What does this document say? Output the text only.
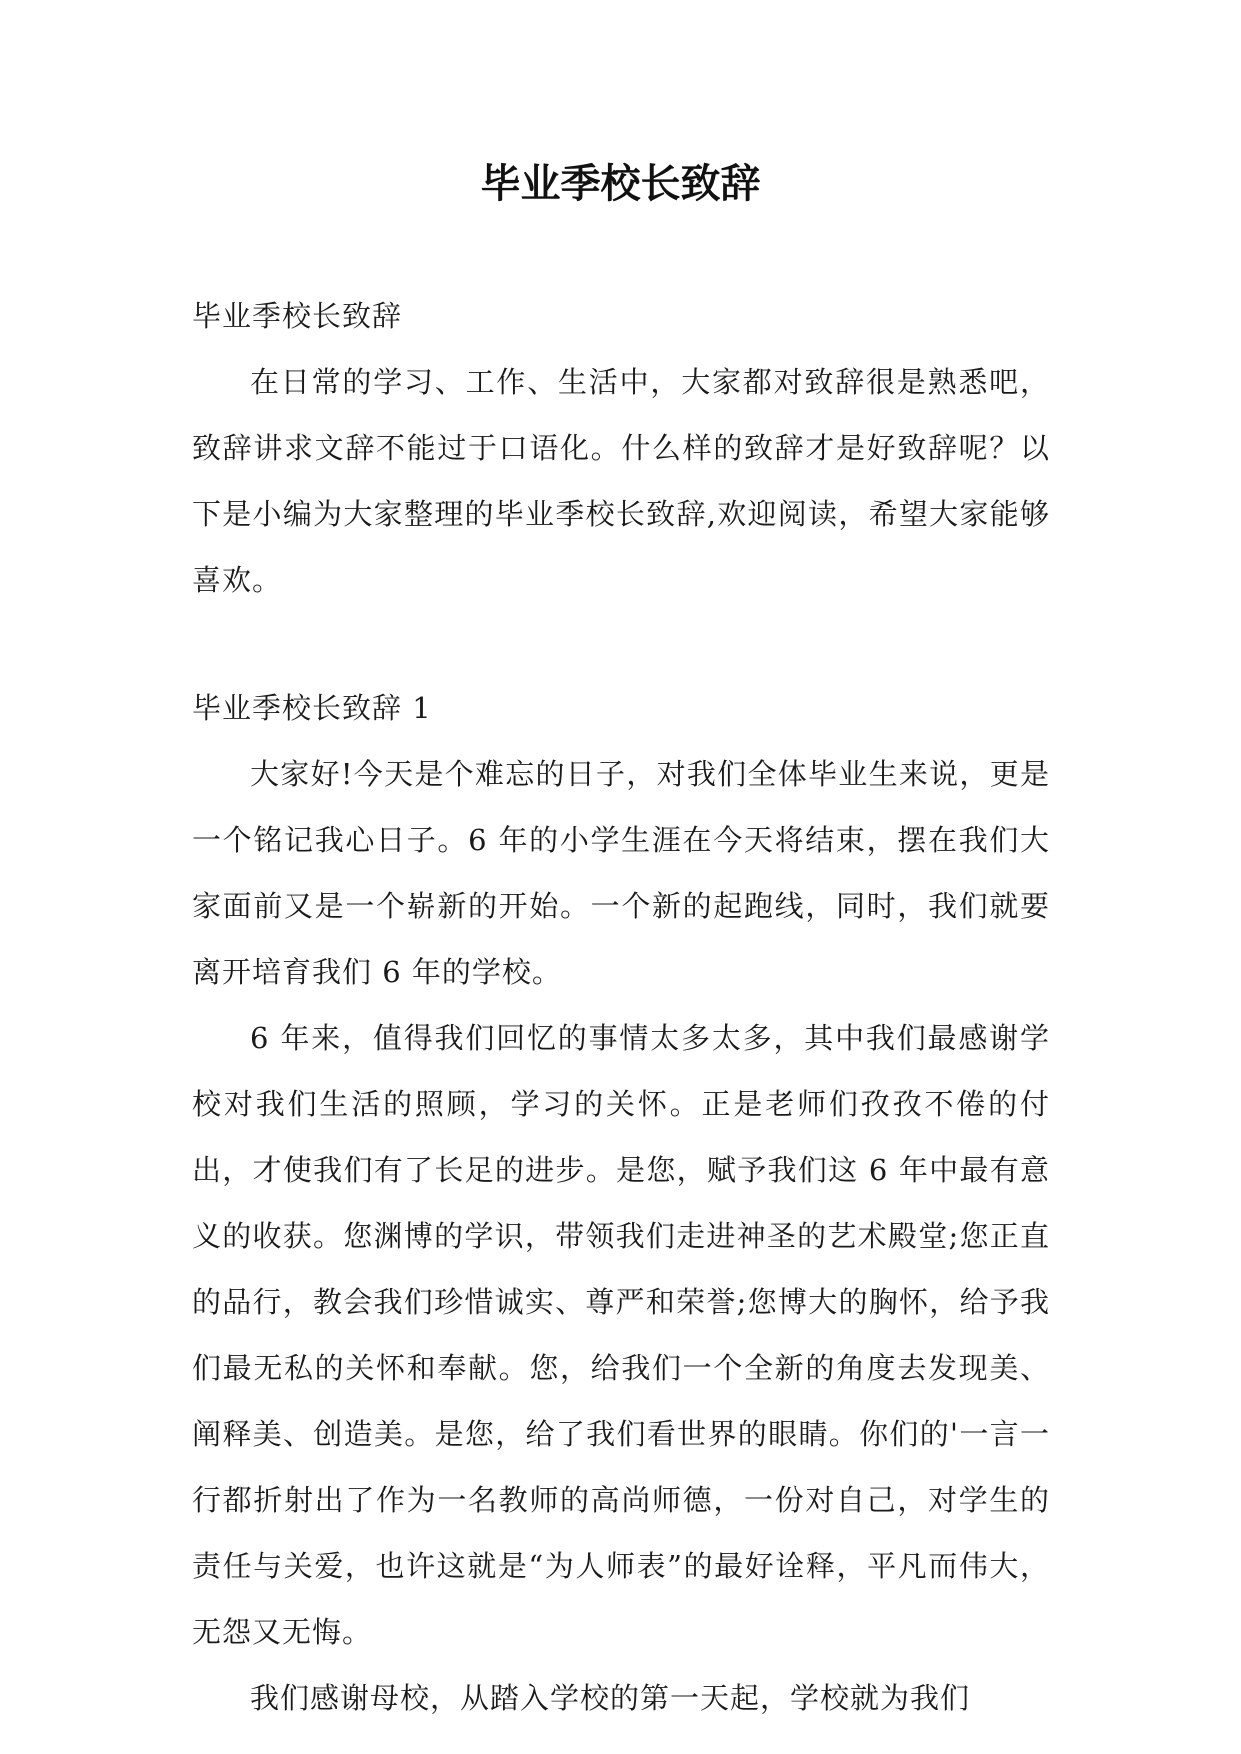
毕业季校长致辞

毕业季校长致辞

在日常的学习、工作、生活中，大家都对致辞很是熟悉吧，致辞讲求文辞不能过于口语化。什么样的致辞才是好致辞呢？以下是小编为大家整理的毕业季校长致辞,欢迎阅读，希望大家能够喜欢。

毕业季校长致辞 1

大家好!今天是个难忘的日子，对我们全体毕业生来说，更是一个铭记我心日子。6 年的小学生涯在今天将结束，摆在我们大家面前又是一个崭新的开始。一个新的起跑线，同时，我们就要离开培育我们 6 年的学校。

6 年来，值得我们回忆的事情太多太多，其中我们最感谢学校对我们生活的照顾，学习的关怀。正是老师们孜孜不倦的付出，才使我们有了长足的进步。是您，赋予我们这 6 年中最有意义的收获。您渊博的学识，带领我们走进神圣的艺术殿堂;您正直的品行，教会我们珍惜诚实、尊严和荣誉;您博大的胸怀，给予我们最无私的关怀和奉献。您，给我们一个全新的角度去发现美、阐释美、创造美。是您，给了我们看世界的眼睛。你们的'一言一行都折射出了作为一名教师的高尚师德，一份对自己，对学生的责任与关爱，也许这就是“为人师表”的最好诠释，平凡而伟大，无怨又无悔。

我们感谢母校，从踏入学校的第一天起，学校就为我们
